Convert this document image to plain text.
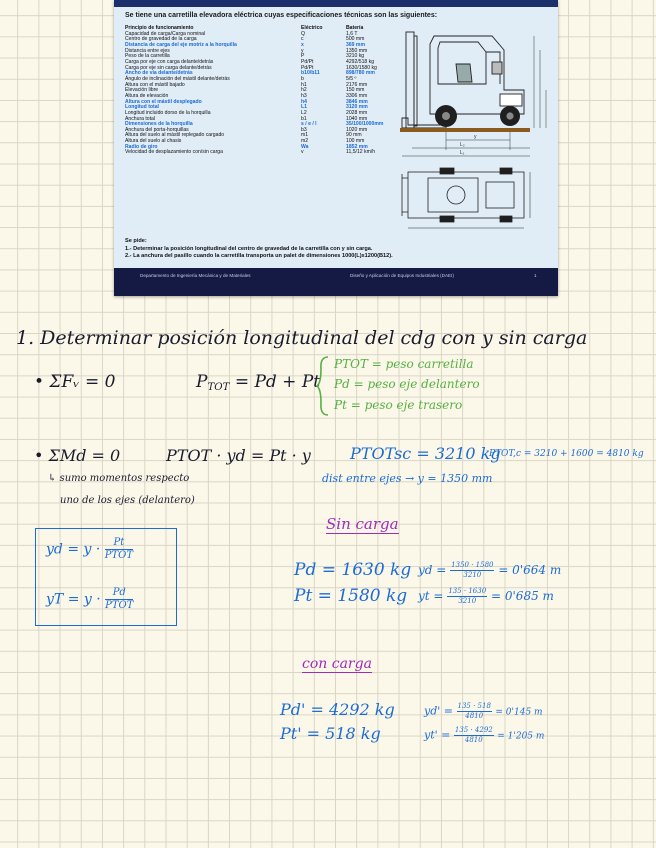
Se tiene una carretilla elevadora eléctrica cuyas especificaciones técnicas son las siguientes:
Principio de funcionamiento	Eléctrico	Batería
Capacidad de carga/Carga nominal	Q	1,6 T
Centro de gravedad de la carga	c	500 mm
Distancia de carga del eje motriz a la horquilla	x	369 mm
Distancia entre ejes	y	1350 mm
Peso de la carretilla	P	3210 kg
Carga por eje con carga delante/detrás	Pd/Pt	4292/518 kg
Carga por eje sin carga delante/detrás	Pd/Pt	1630/1580 kg
Ancho de vía delante/detrás	b10/b11	898/780 mm
Ángulo de inclinación del mástil delante/detrás	b	5/5 º
Altura con el mástil bajado	h1	2176 mm
Elevación libre	h2	150 mm
Altura de elevación	h3	3306 mm
Altura con el mástil desplegado	h4	3846 mm
Longitud total	L1	3120 mm
Longitud incluido dorso de la horquilla	L2	2028 mm
Anchura total	b1	1040 mm
Dimensiones de la horquilla	s / e / l	35/100/1000mm
Anchura del porta-horquillas	b3	1020 mm
Altura del suelo al mástil replegado cargado	m1	90 mm
Altura del suelo al chasis	m2	100 mm
Radio de giro	Wa	1852 mm
Velocidad de desplazamiento con/sin carga	v	11,5/12 km/h
y
L₂
L₁
Se pide:
1.- Determinar la posición longitudinal del centro de gravedad de la carretilla con y sin carga.
2.- La anchura del pasillo cuando la carretilla transporta un palet de dimensiones 1000(L)x1200(B12).
Departamento de Ingeniería Mecánica y de Materiales	Diseño y Aplicación de Equipos Industriales (DAEI)	1
1. Determinar posición longitudinal del cdg con y sin carga
• ΣFᵥ = 0	PTOT = Pd + Pt
PTOT = peso carretilla
Pd = peso eje delantero
Pt = peso eje trasero
• ΣMd = 0	PTOT · yd = Pt · y
↳ sumo momentos respecto
uno de los ejes (delantero)
PTOTsc = 3210 kg
PTOT,c = 3210 + 1600 = 4810 kg
dist entre ejes → y = 1350 mm
yd = $y \cdot \frac{Pt}{\text{PTOT}}$
yT = $y \cdot \frac{Pd}{\text{PTOT}}$
Sin carga
Pd = 1630 kg
Pt = 1580 kg
yd = $\frac{1350 \cdot 1580}{3210} = 0'664$ m
yt = $\frac{135 \cdot 1630}{3210} = 0'685$ m
con carga
Pd' = 4292 kg
Pt' = 518 kg
$yd' = \frac{135 \cdot 518}{4810} = 0'145$ m
$yt' = \frac{135 \cdot 4292}{4810} = 1'205$ m
